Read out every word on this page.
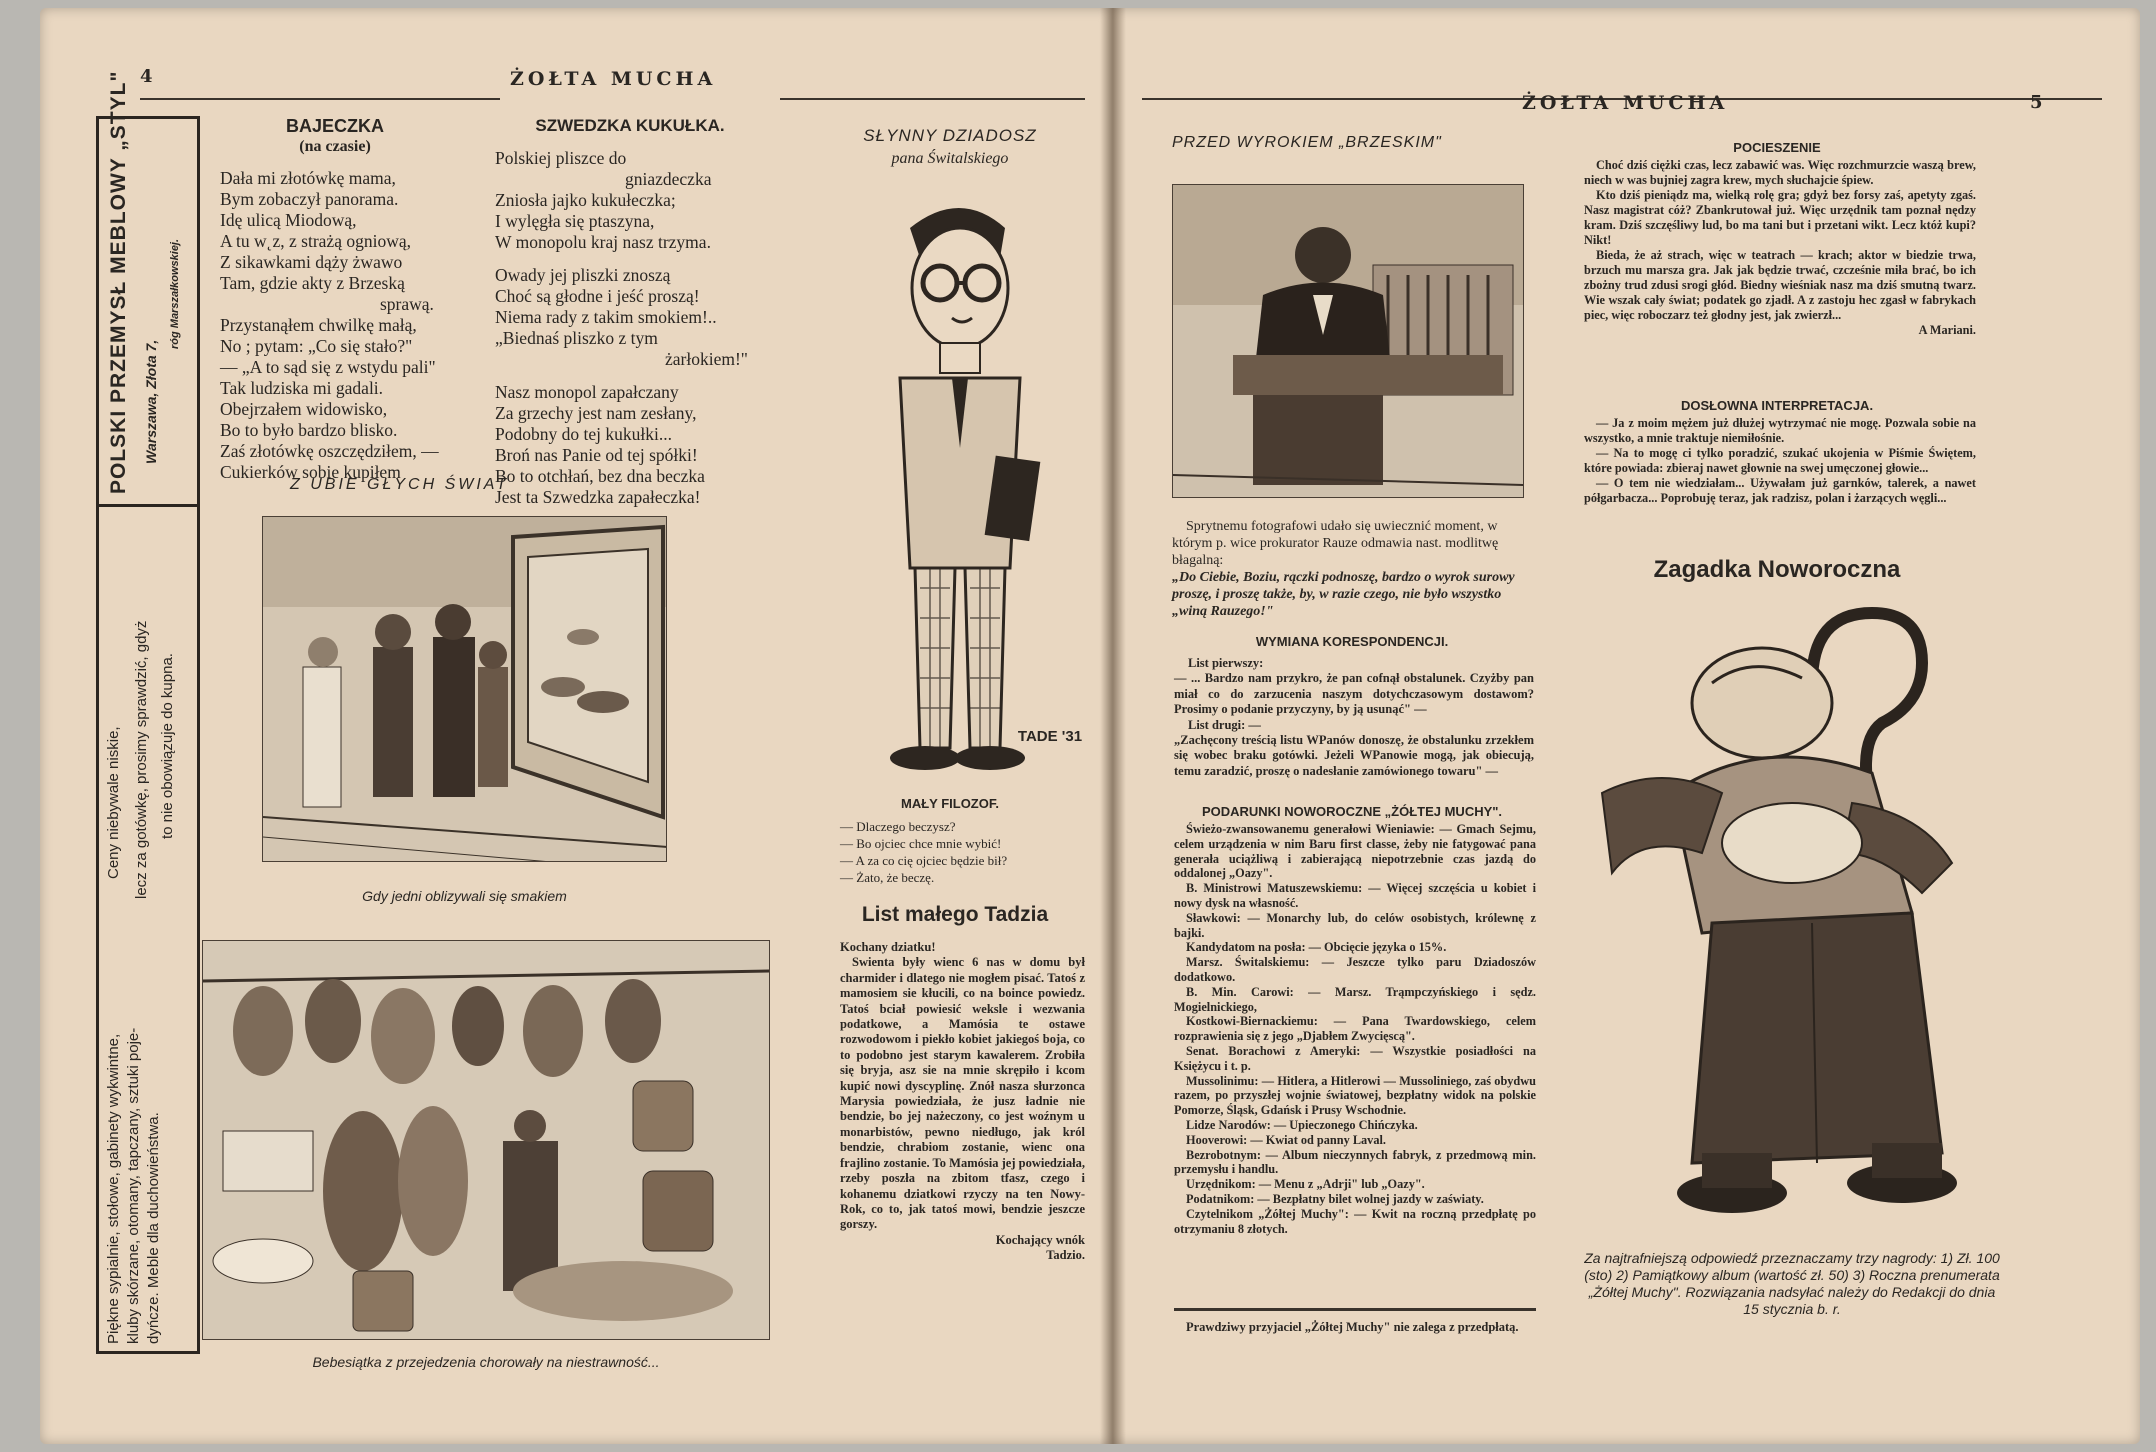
4	ŻOŁTA MUCHA
POLSKI PRZEMYSŁ MEBLOWY „STYL" Warszawa, Złota 7,
róg Marszałkowskiej.
Piękne sypialnie, stołowe, gabinety wykwintne, kluby skórzane, otomany, tapczany, sztuki poje- dyńcze. Meble dla duchowieństwa.
Ceny niebywale niskie, lecz za gotówkę, prosimy sprawdzić, gdyż to nie obowiązuje do kupna.
BAJECZKA
(na czasie)
Dała mi złotówkę mama,
Bym zobaczył panorama.
Idę ulicą Miodową,
A tu w˛z, z strażą ogniową,
Z sikawkami dąży żwawo
Tam, gdzie akty z Brzeską
sprawą.
Przystanąłem chwilkę małą,
No ; pytam: „Co się stało?"
— „A to sąd się z wstydu pali"
Tak ludziska mi gadali.
Obejrzałem widowisko,
Bo to było bardzo blisko.
Zaś złotówkę oszczędziłem, —
Cukierków sobie kupiłem
SZWEDZKA KUKUŁKA.
Polskiej pliszce do
gniazdeczka
Zniosła jajko kukułeczka;
I wylęgła się ptaszyna,
W monopolu kraj nasz trzyma.
Owady jej pliszki znoszą
Choć są głodne i jeść proszą!
Niema rady z takim smokiem!..
„Biednaś pliszko z tym
żarłokiem!"
Nasz monopol zapałczany
Za grzechy jest nam zesłany,
Podobny do tej kukułki...
Broń nas Panie od tej spółki!
Bo to otchłań, bez dna beczka
Jest ta Szwedzka zapałeczka!
Z UBIE GŁYCH ŚWIAT
Gdy jedni oblizywali się smakiem
Bebesiątka z przejedzenia chorowały na niestrawność...
SŁYNNY DZIADOSZ
pana Świtalskiego
TADE '31
MAŁY FILOZOF.

— Dlaczego beczysz?

— Bo ojciec chce mnie wybić!

— A za co cię ojciec będzie bił?

— Żato, że beczę.

List małego Tadzia

Kochany dziatku!

Swienta były wienc 6 nas w domu był charmider i dlatego nie mogłem pisać. Tatoś z mamosiem sie kłucili, co na boince powiedz. Tatoś bciał powiesić weksle i wezwania podatkowe, a Mamósia te ostawe rozwodowom i piekło kobiet jakiegoś boja, co to podobno jest starym kawalerem. Zrobiła się bryja, asz sie na mnie skrępiło i kcom kupić nowi dyscyplinę. Znół nasza słurzonca Marysia powiedziała, że jusz ładnie nie bendzie, bo jej nażeczony, co jest woźnym u monarbistów, pewno niedługo, jak król bendzie, chrabiom zostanie, wienc ona frajlino zostanie. To Mamósia jej powiedziała, rzeby poszła na zbitom tfasz, czego i kohanemu dziatkowi rzyczy na ten Nowy-Rok, co to, jak tatoś mowi, bendzie jeszcze gorszy.

Kochający wnók

Tadzio.

ŻOŁTA MUCHA	5
PRZED WYROKIEM „BRZESKIM"

Sprytnemu fotografowi udało się uwiecznić moment, w którym p. wice prokurator Rauze odmawia nast. modlitwę błagalną:

„Do Ciebie, Boziu, rączki podnoszę, bardzo o wyrok surowy proszę, i proszę także, by, w razie czego, nie było wszystko „winą Rauzego!"

WYMIANA KORESPONDENCJI.

List pierwszy:

— ... Bardzo nam przykro, że pan cofnął obstalunek. Czyżby pan miał co do zarzucenia naszym dotychczasowym dostawom? Prosimy o podanie przyczyny, by ją usunąć" —

List drugi: —

„Zachęcony treścią listu WPanów donoszę, że obstalunku zrzekłem się wobec braku gotówki. Jeżeli WPanowie mogą, jak obiecują, temu zaradzić, proszę o nadesłanie zamówionego towaru" —

PODARUNKI NOWOROCZNE „ŻÓŁTEJ MUCHY".

Świeżo-zwansowanemu generałowi Wieniawie: — Gmach Sejmu, celem urządzenia w nim Baru first classe, żeby nie fatygować pana generała uciążliwą i zabierającą niepotrzebnie czas jazdą do oddalonej „Oazy".

B. Ministrowi Matuszewskiemu: — Więcej szczęścia u kobiet i nowy dysk na własność.

Sławkowi: — Monarchy lub, do celów osobistych, królewnę z bajki.

Kandydatom na posła: — Obcięcie języka o 15%.

Marsz. Świtalskiemu: — Jeszcze tylko paru Dziadoszów dodatkowo.

B. Min. Carowi: — Marsz. Trąmpczyńskiego i sędz. Mogielnickiego,

Kostkowi-Biernackiemu: — Pana Twardowskiego, celem rozprawienia się z jego „Djabłem Zwycięscą".

Senat. Borachowi z Ameryki: — Wszystkie posiadłości na Księżycu i t. p.

Mussolinimu: — Hitlera, a Hitlerowi — Mussoliniego, zaś obydwu razem, po przyszłej wojnie światowej, bezpłatny widok na polskie Pomorze, Śląsk, Gdańsk i Prusy Wschodnie.

Lidze Narodów: — Upieczonego Chińczyka.

Hooverowi: — Kwiat od panny Laval.

Bezrobotnym: — Album nieczynnych fabryk, z przedmową min. przemysłu i handlu.

Urzędnikom: — Menu z „Adrji" lub „Oazy".

Podatnikom: — Bezpłatny bilet wolnej jazdy w zaświaty.

Czytelnikom „Żółtej Muchy": — Kwit na roczną przedpłatę po otrzymaniu 8 złotych.

Prawdziwy przyjaciel „Żółtej Muchy" nie zalega z przedpłatą.
POCIESZENIE

Choć dziś ciężki czas, lecz zabawić was. Więc rozchmurzcie waszą brew, niech w was bujniej zagra krew, mych słuchajcie śpiew.

Kto dziś pieniądz ma, wielką rolę gra; gdyż bez forsy zaś, apetyty zgaś. Nasz magistrat cóż? Zbankrutował już. Więc urzędnik tam poznał nędzy kram. Dziś szczęśliwy lud, bo ma tani but i przetani wikt. Lecz któż kupi? Nikt!

Bieda, że aż strach, więc w teatrach — krach; aktor w biedzie trwa, brzuch mu marsza gra. Jak jak będzie trwać, czcześnie miła brać, bo ich zbożny trud zdusi srogi głód. Biedny wieśniak nasz ma dziś smutną twarz. Wie wszak cały świat; podatek go zjadł. A z zastoju hec zgasł w fabrykach piec, więc roboczarz też głodny jest, jak zwierzł...

A Mariani.

DOSŁOWNA INTERPRETACJA.

— Ja z moim mężem już dłużej wytrzymać nie mogę. Pozwala sobie na wszystko, a mnie traktuje niemiłośnie.

— Na to mogę ci tylko poradzić, szukać ukojenia w Piśmie Świętem, które powiada: zbieraj nawet głownie na swej umęczonej głowie...

— O tem nie wiedziałam... Używałam już garnków, talerek, a nawet półgarbacza... Poprobuję teraz, jak radzisz, polan i żarzących węgli...

Zagadka Noworoczna
Za najtrafniejszą odpowiedź przeznaczamy trzy nagrody: 1) Zł. 100 (sto) 2) Pamiątkowy album (wartość zł. 50) 3) Roczna prenumerata „Żółtej Muchy". Rozwiązania nadsyłać należy do Redakcji do dnia 15 stycznia b. r.
